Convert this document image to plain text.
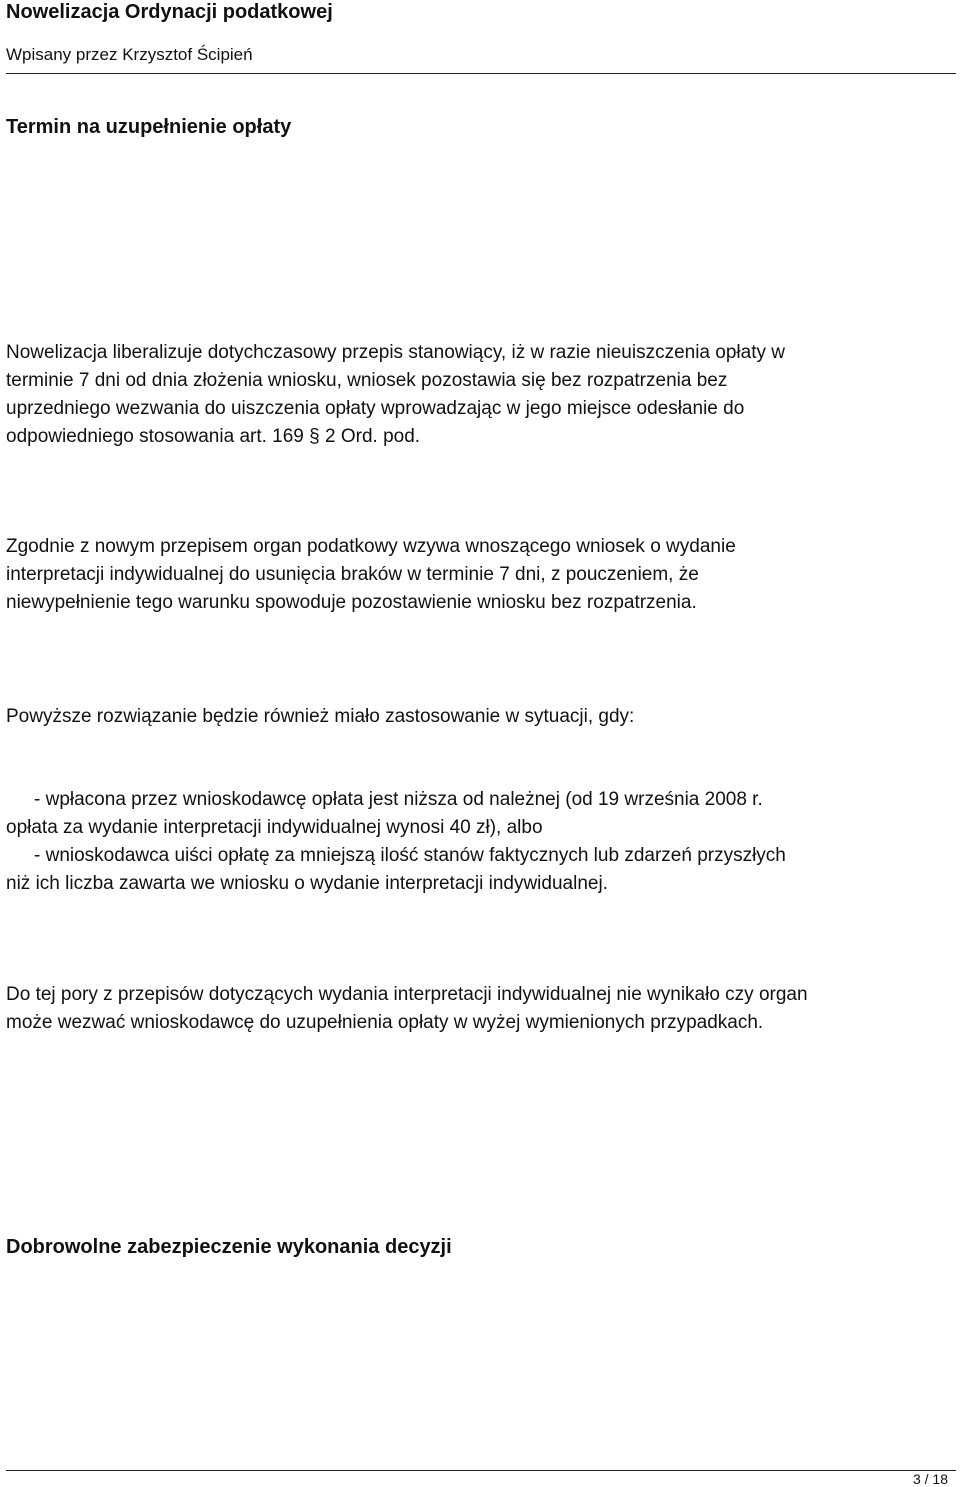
Nowelizacja Ordynacji podatkowej
Wpisany przez Krzysztof Ścipień
Termin na uzupełnienie opłaty
Nowelizacja liberalizuje dotychczasowy przepis stanowiący, iż w razie nieuiszczenia opłaty w
terminie 7 dni od dnia złożenia wniosku, wniosek pozostawia się bez rozpatrzenia bez
uprzedniego wezwania do uiszczenia opłaty wprowadzając w jego miejsce odesłanie do
odpowiedniego stosowania art. 169 § 2 Ord. pod.
Zgodnie z nowym przepisem organ podatkowy wzywa wnoszącego wniosek o wydanie
interpretacji indywidualnej do usunięcia braków w terminie 7 dni, z pouczeniem, że
niewypełnienie tego warunku spowoduje pozostawienie wniosku bez rozpatrzenia.
Powyższe rozwiązanie będzie również miało zastosowanie w sytuacji, gdy:
- wpłacona przez wnioskodawcę opłata jest niższa od należnej (od 19 września 2008 r.
opłata za wydanie interpretacji indywidualnej wynosi 40 zł), albo
- wnioskodawca uiści opłatę za mniejszą ilość stanów faktycznych lub zdarzeń przyszłych
niż ich liczba zawarta we wniosku o wydanie interpretacji indywidualnej.
Do tej pory z przepisów dotyczących wydania interpretacji indywidualnej nie wynikało czy organ
może wezwać wnioskodawcę do uzupełnienia opłaty w wyżej wymienionych przypadkach.
Dobrowolne zabezpieczenie wykonania decyzji
3 / 18
